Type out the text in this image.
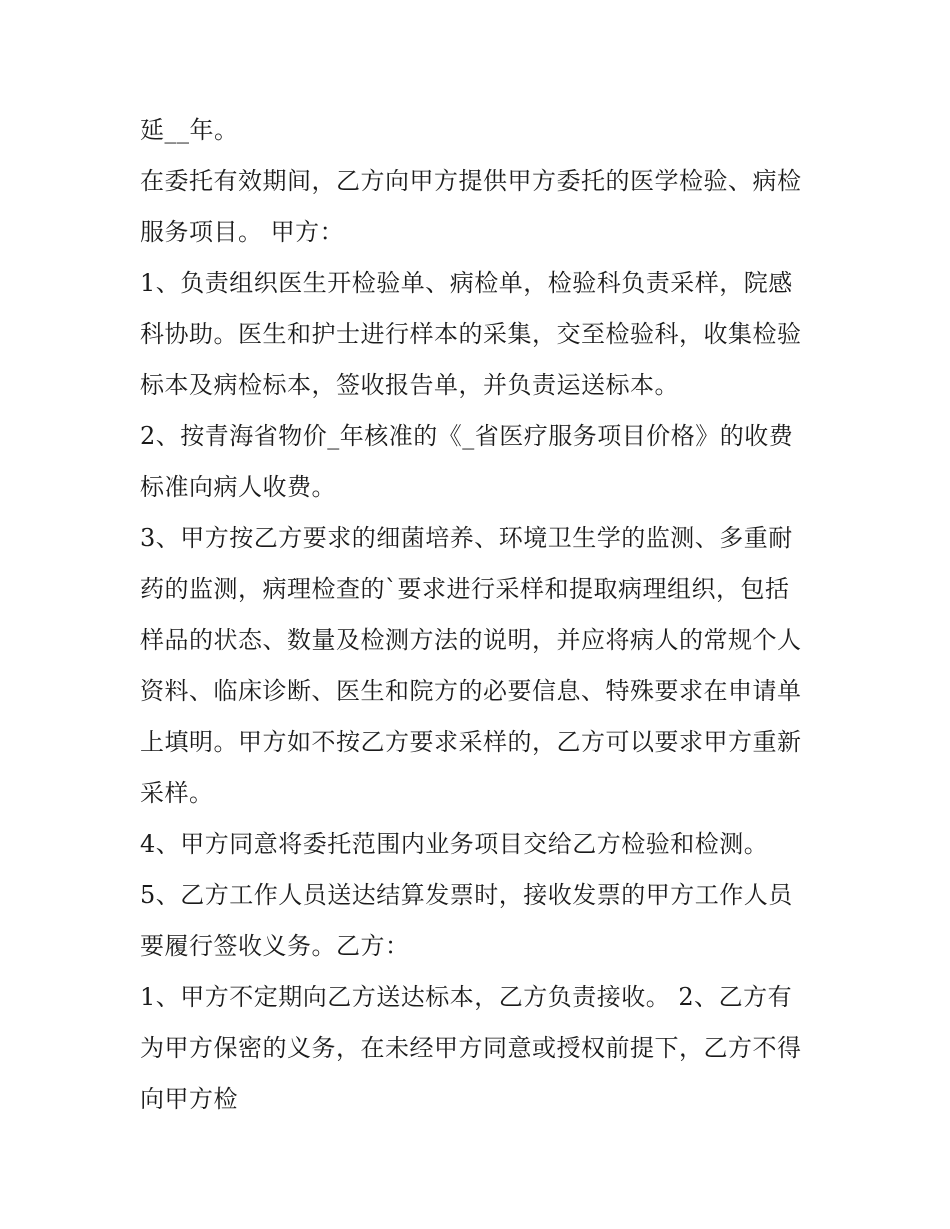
延__年。
在委托有效期间，乙方向甲方提供甲方委托的医学检验、病检
服务项目。 甲方：
1、负责组织医生开检验单、病检单，检验科负责采样，院感
科协助。医生和护士进行样本的采集，交至检验科，收集检验
标本及病检标本，签收报告单，并负责运送标本。
2、按青海省物价_年核准的《_省医疗服务项目价格》的收费
标准向病人收费。
3、甲方按乙方要求的细菌培养、环境卫生学的监测、多重耐
药的监测，病理检查的`要求进行采样和提取病理组织，包括
样品的状态、数量及检测方法的说明，并应将病人的常规个人
资料、临床诊断、医生和院方的必要信息、特殊要求在申请单
上填明。甲方如不按乙方要求采样的，乙方可以要求甲方重新
采样。
4、甲方同意将委托范围内业务项目交给乙方检验和检测。
5、乙方工作人员送达结算发票时，接收发票的甲方工作人员
要履行签收义务。乙方：
1、甲方不定期向乙方送达标本，乙方负责接收。 2、乙方有
为甲方保密的义务，在未经甲方同意或授权前提下，乙方不得
向甲方检
